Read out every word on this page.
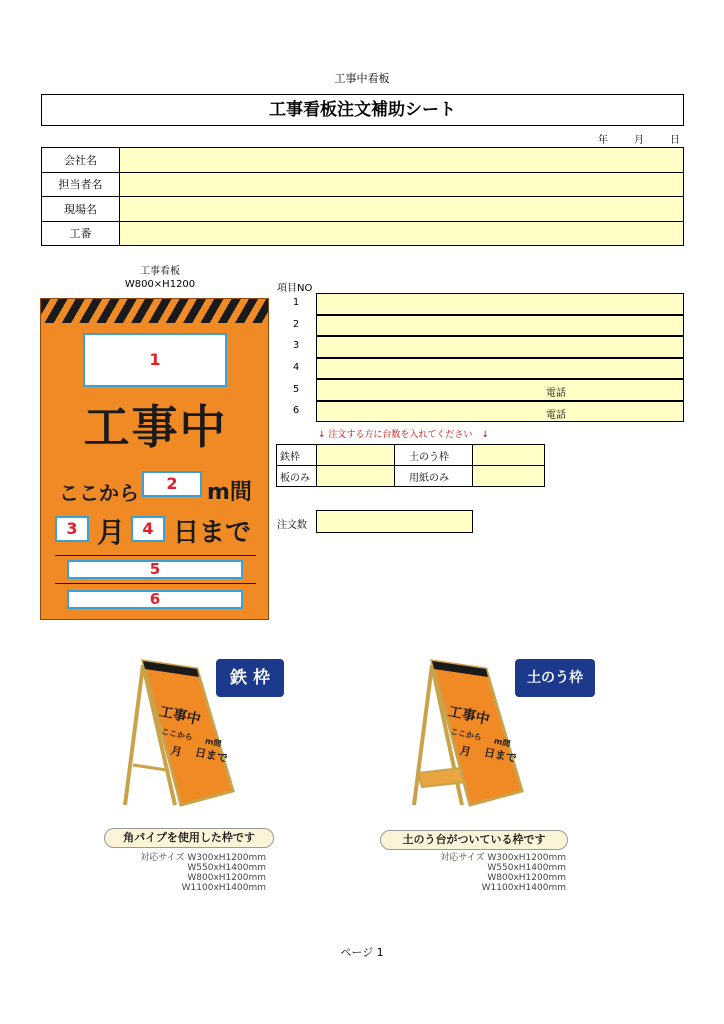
工事中看板
工事看板注文補助シート
年	月	日
会社名	
担当者名	
現場名	
工番	
工事看板
W800×H1200
1
工事中
ここから	2	m間
3 月	4 日まで
5
6
項目NO
1
2
3
4
5	電話
6	電話
↓ 注文する方に台数を入れてください　↓
鉄枠		土のう枠	
板のみ		用紙のみ	
注文数
工事中
ここから
m間
月 日まで
鉄 枠
角パイプを使用した枠です
対応サイズ W300xH1200mm
W550xH1400mm
W800xH1200mm
W1100xH1400mm
工事中
ここから
m間
月 日まで
土のう枠
土のう台がついている枠です
対応サイズ W300xH1200mm
W550xH1400mm
W800xH1200mm
W1100xH1400mm
ページ 1
